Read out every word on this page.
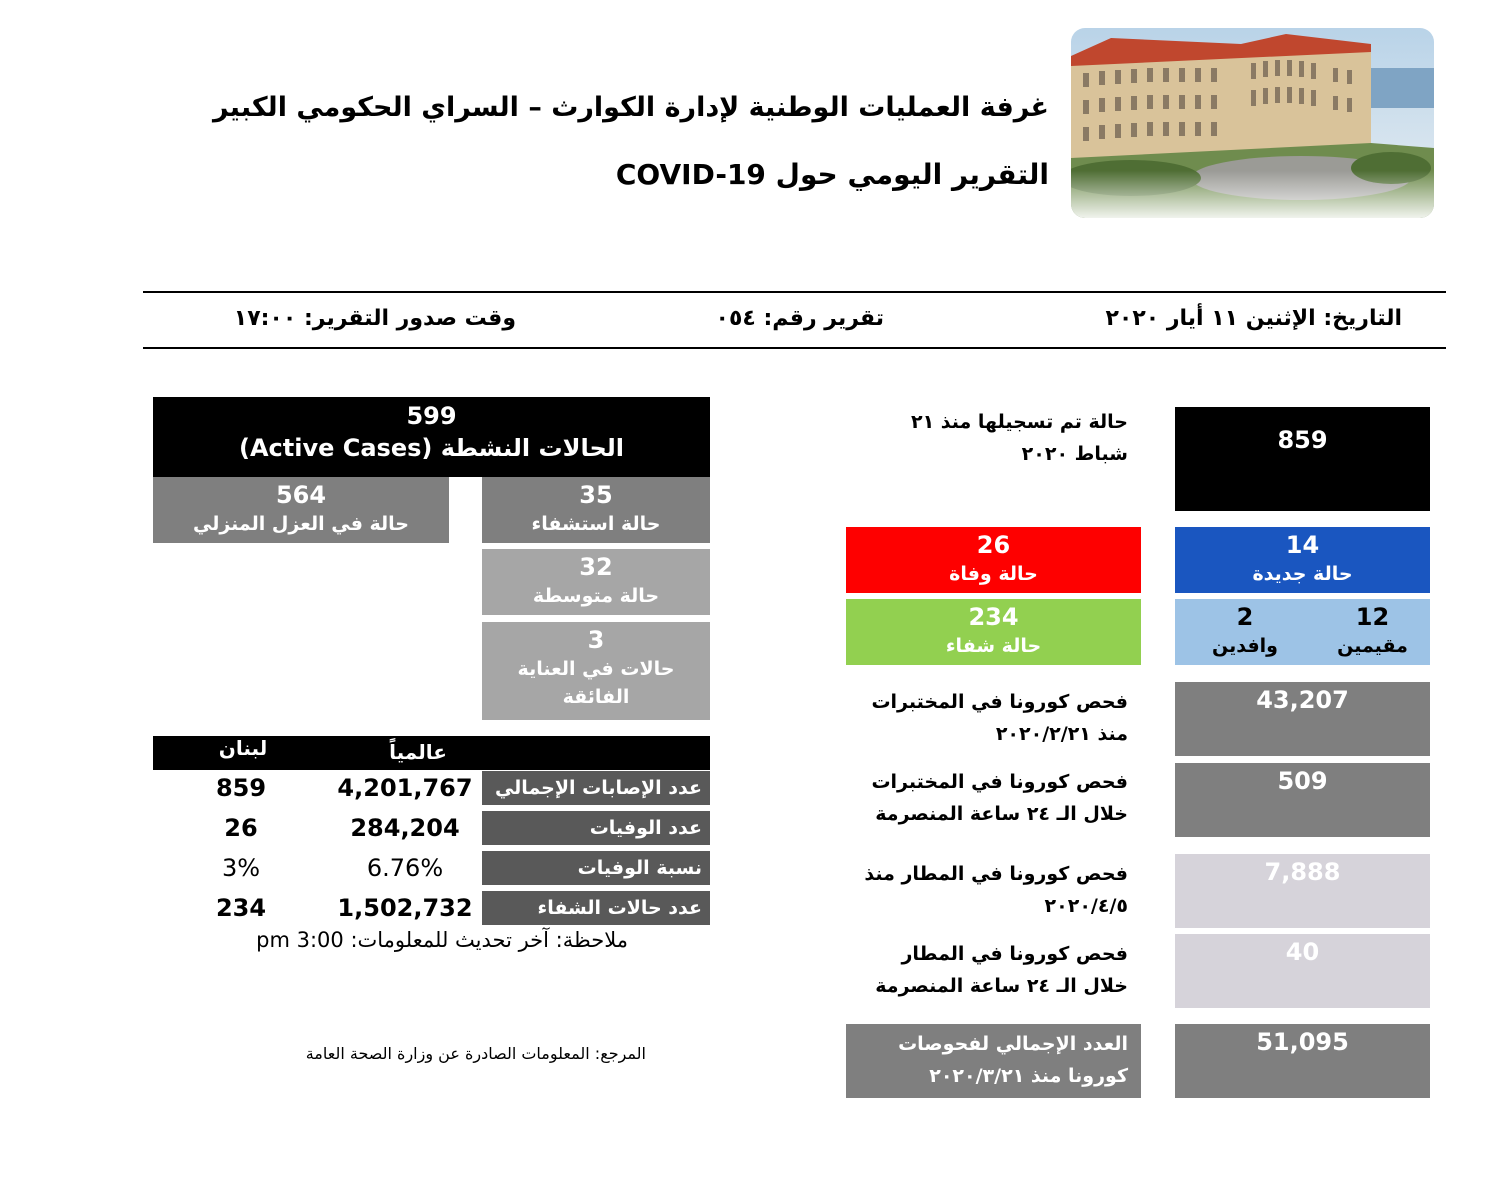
غرفة العمليات الوطنية لإدارة الكوارث – السراي الحكومي الكبير
التقرير اليومي حول COVID-19
التاريخ: الإثنين ١١ أيار ٢٠٢٠
تقرير رقم: ٠٥٤
وقت صدور التقرير: ١٧:٠٠
599
الحالات النشطة (Active Cases)
564
حالة في العزل المنزلي
35
حالة استشفاء
32
حالة متوسطة
3
حالات في العناية
الفائقة
عالمياً
لبنان
عدد الإصابات الإجمالي
4,201,767
859
عدد الوفيات
284,204
26
نسبة الوفيات
6.76%
3%
عدد حالات الشفاء
1,502,732
234
ملاحظة: آخر تحديث للمعلومات: 3:00 pm
المرجع: المعلومات الصادرة عن وزارة الصحة العامة
حالة تم تسجيلها منذ ٢١
شباط ٢٠٢٠	859
26
حالة وفاة
14
حالة جديدة
234
حالة شفاء
12
مقيمين
2
وافدين
فحص كورونا في المختبرات
منذ ٢٠٢٠/٢/٢١
43,207
فحص كورونا في المختبرات
خلال الـ ٢٤ ساعة المنصرمة
509
فحص كورونا في المطار منذ
٢٠٢٠/٤/٥
7,888
فحص كورونا في المطار
خلال الـ ٢٤ ساعة المنصرمة
40
العدد الإجمالي لفحوصات
كورونا منذ ٢٠٢٠/٣/٢١
51,095
